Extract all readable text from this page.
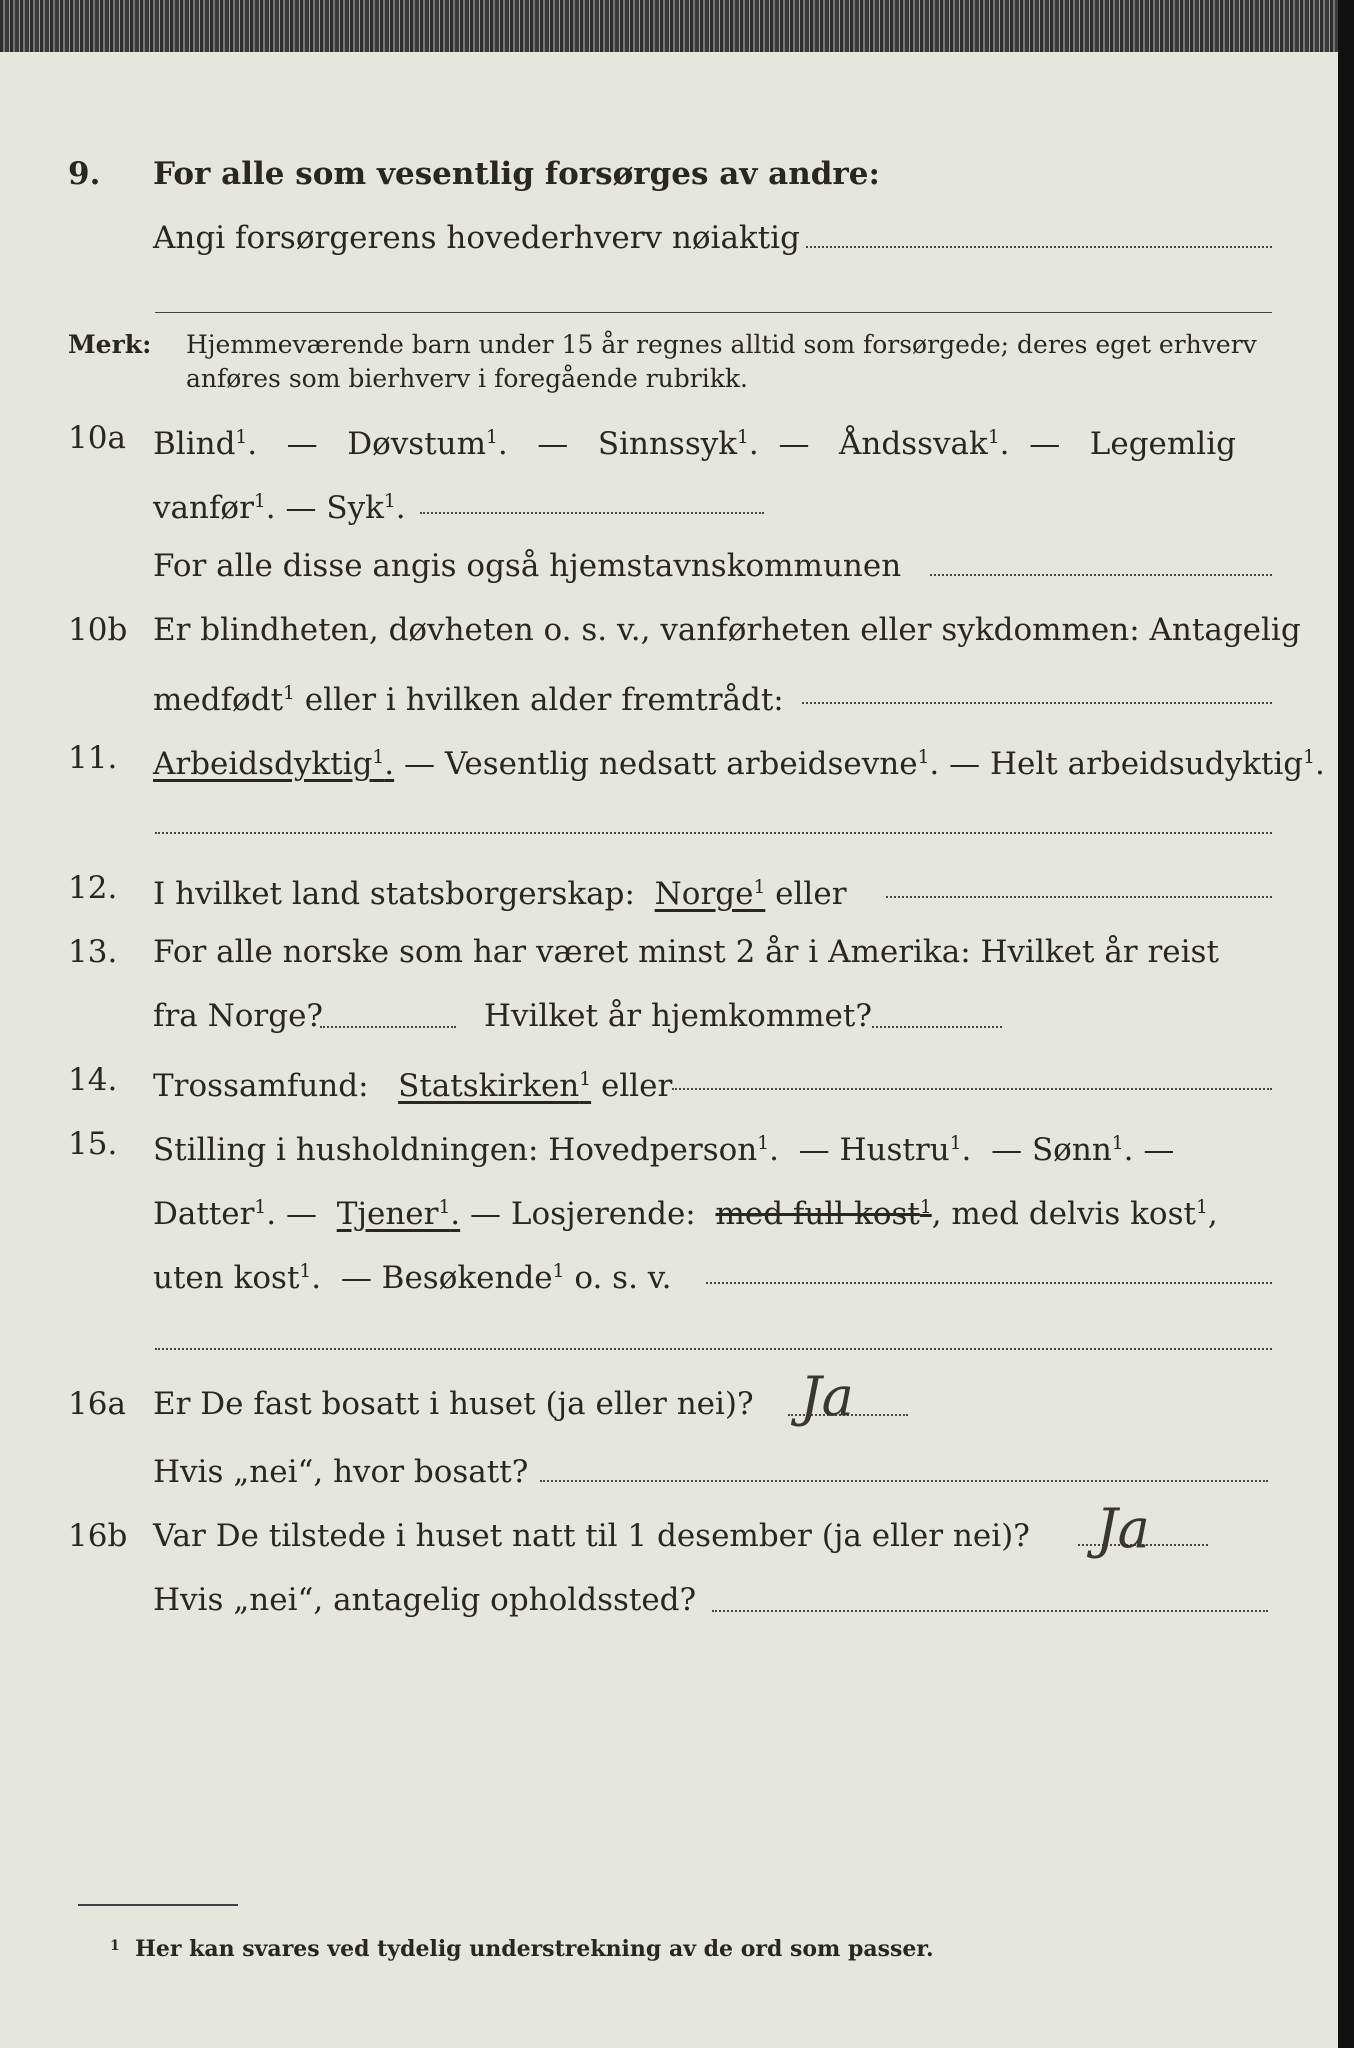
9. For alle som vesentlig forsørges av andre:
Angi forsørgerens hovederhverv nøiaktig
Merk: Hjemmeværende barn under 15 år regnes alltid som forsørgede; deres eget erhverv
anføres som bierhverv i foregående rubrikk.
10a Blind$^1$.   —   Døvstum$^1$.   —   Sinnssyk$^1$.  —   Åndssvak$^1$.  —   Legemlig
vanfør$^1$. — Syk$^1$.
For alle disse angis også hjemstavnskommunen
10b Er blindheten, døvheten o. s. v., vanførheten eller sykdommen: Antagelig
medfødt$^1$ eller i hvilken alder fremtrådt:
11. Arbeidsdyktig$^1$. — Vesentlig nedsatt arbeidsevne$^1$. — Helt arbeidsudyktig$^1$.
12. I hvilket land statsborgerskap: Norge$^1$ eller
13. For alle norske som har været minst 2 år i Amerika: Hvilket år reist
fra Norge?	Hvilket år hjemkommet?
14. Trossamfund: Statskirken$^1$ eller
15. Stilling i husholdningen: Hovedperson$^1$.  — Hustru$^1$.  — Sønn$^1$. —
Datter$^1$. —  Tjener$^1$. — Losjerende: med full kost$^1$, med delvis kost$^1$,
uten kost$^1$.  — Besøkende$^1$ o. s. v.
16a Er De fast bosatt i huset (ja eller nei)? Ja
Hvis „nei“, hvor bosatt?
16b Var De tilstede i huset natt til 1 desember (ja eller nei)? Ja
Hvis „nei“, antagelig opholdssted?
$^1$ Her kan svares ved tydelig understrekning av de ord som passer.
